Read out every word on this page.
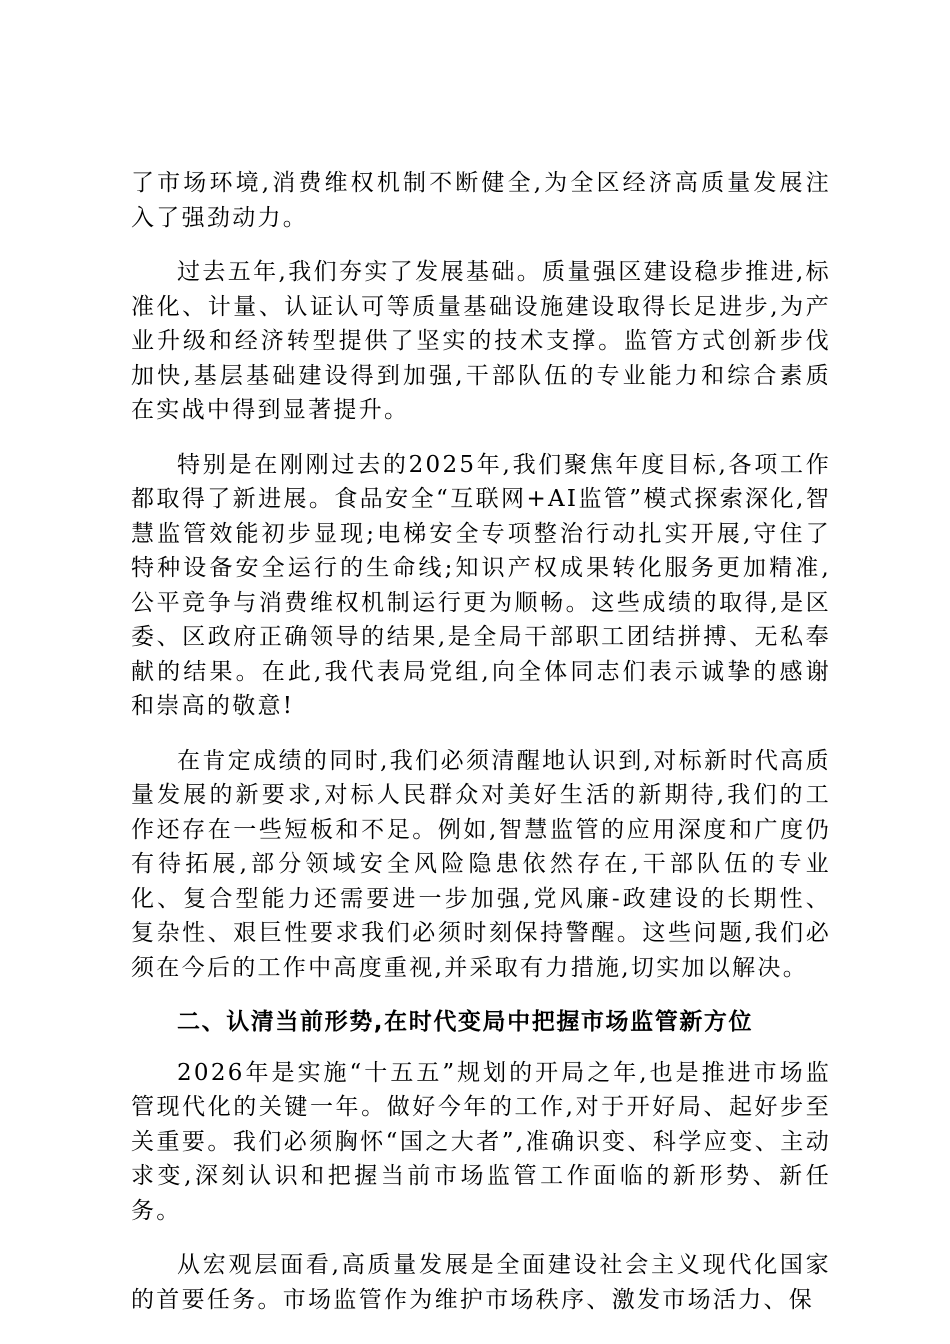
了市场环境,消费维权机制不断健全,为全区经济高质量发展注入了强劲动力。

过去五年,我们夯实了发展基础。质量强区建设稳步推进,标准化、计量、认证认可等质量基础设施建设取得长足进步,为产业升级和经济转型提供了坚实的技术支撑。监管方式创新步伐加快,基层基础建设得到加强,干部队伍的专业能力和综合素质在实战中得到显著提升。

特别是在刚刚过去的2025年,我们聚焦年度目标,各项工作都取得了新进展。食品安全“互联网+AI监管”模式探索深化,智慧监管效能初步显现;电梯安全专项整治行动扎实开展,守住了特种设备安全运行的生命线;知识产权成果转化服务更加精准,公平竞争与消费维权机制运行更为顺畅。这些成绩的取得,是区委、区政府正确领导的结果,是全局干部职工团结拼搏、无私奉献的结果。在此,我代表局党组,向全体同志们表示诚挚的感谢和崇高的敬意!

在肯定成绩的同时,我们必须清醒地认识到,对标新时代高质量发展的新要求,对标人民群众对美好生活的新期待,我们的工作还存在一些短板和不足。例如,智慧监管的应用深度和广度仍有待拓展,部分领域安全风险隐患依然存在,干部队伍的专业化、复合型能力还需要进一步加强,党风廉-政建设的长期性、复杂性、艰巨性要求我们必须时刻保持警醒。这些问题,我们必须在今后的工作中高度重视,并采取有力措施,切实加以解决。

二、认清当前形势,在时代变局中把握市场监管新方位

2026年是实施“十五五”规划的开局之年,也是推进市场监管现代化的关键一年。做好今年的工作,对于开好局、起好步至关重要。我们必须胸怀“国之大者”,准确识变、科学应变、主动求变,深刻认识和把握当前市场监管工作面临的新形势、新任务。

从宏观层面看,高质量发展是全面建设社会主义现代化国家的首要任务。市场监管作为维护市场秩序、激发市场活力、保
